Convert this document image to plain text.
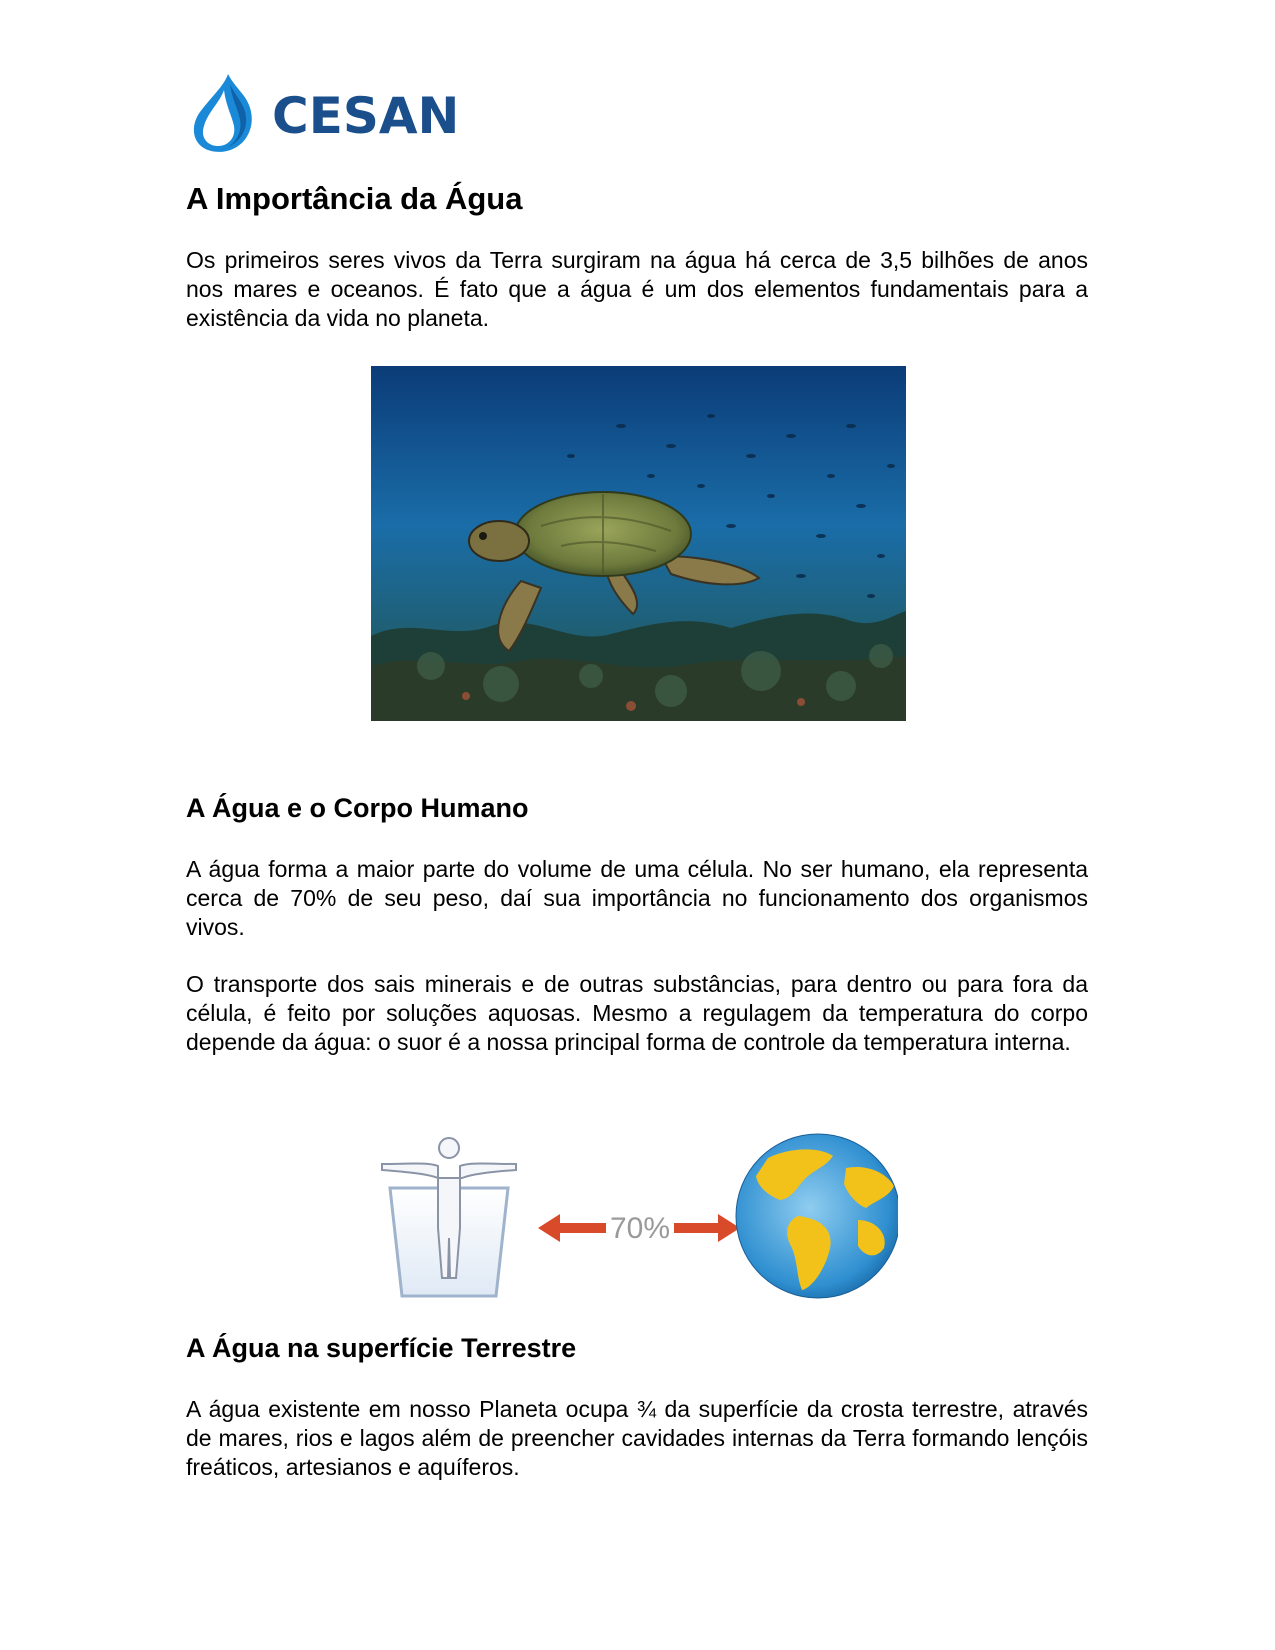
CESAN
A Importância da Água

Os primeiros seres vivos da Terra surgiram na água há cerca de 3,5 bilhões de anos nos mares e oceanos. É fato que a água é um dos elementos fundamentais para a existência da vida no planeta.

A Água e o Corpo Humano

A água forma a maior parte do volume de uma célula. No ser humano, ela representa cerca de 70% de seu peso, daí sua importância no funcionamento dos organismos vivos.

O transporte dos sais minerais e de outras substâncias, para dentro ou para fora da célula, é feito por soluções aquosas. Mesmo a regulagem da temperatura do corpo depende da água: o suor é a nossa principal forma de controle da temperatura interna.

70%
A Água na superfície Terrestre

A água existente em nosso Planeta ocupa ¾ da superfície da crosta terrestre, através de mares, rios e lagos além de preencher cavidades internas da Terra formando lençóis freáticos, artesianos e aquíferos.
